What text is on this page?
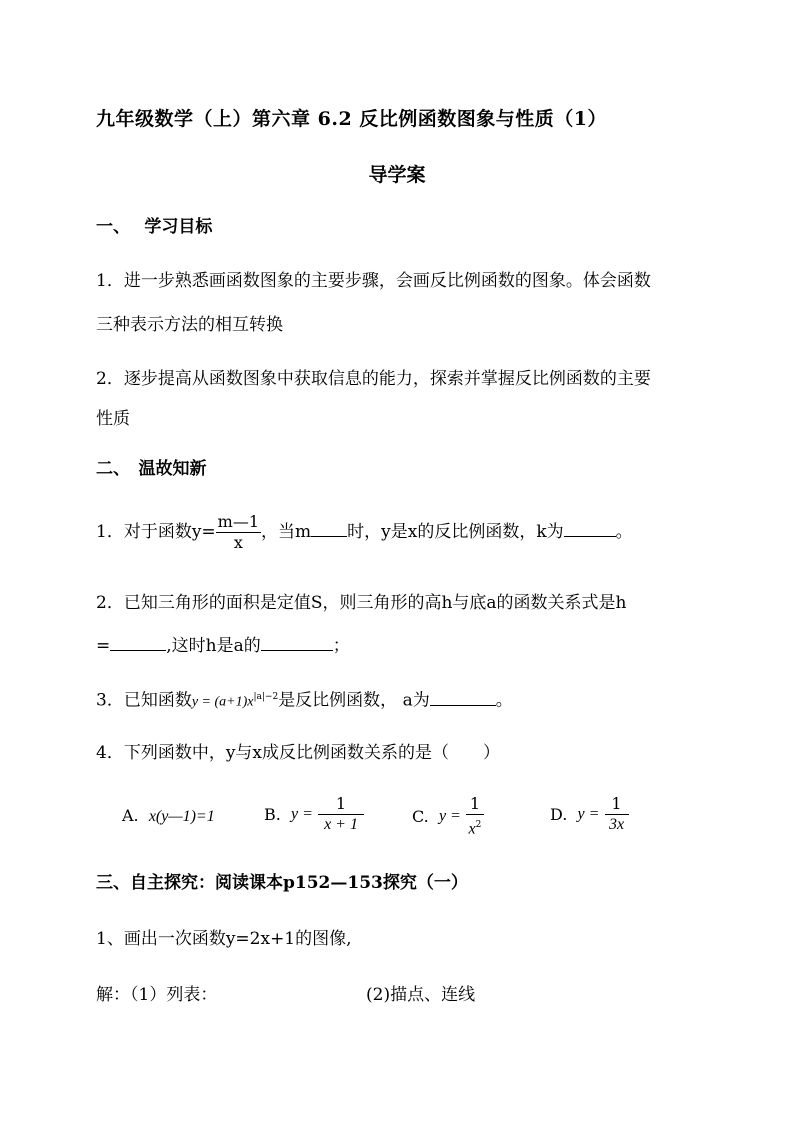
九年级数学（上）第六章 6.2 反比例函数图象与性质（1）
导学案
一、　 学习目标
1．进一步熟悉画函数图象的主要步骤，会画反比例函数的图象。体会函数
三种表示方法的相互转换
2．逐步提高从函数图象中获取信息的能力，探索并掌握反比例函数的主要
性质
二、　温故知新
1．对于函数$y= \frac{m—1}{x}$ ，当m 时，y是x的反比例函数，k为	。
2．已知三角形的面积是定值S，则三角形的高h与底a的函数关系式是h
=	,这时h是a的	；
3．已知函数$y = (a+1)x^{|a|-2}$是反比例函数， a为	。
4．下列函数中，y与x成反比例函数关系的是（　　）
A. x(y—1)=1	B. $y = \frac{1}{x + 1}$	C. $y = \frac{1}{x^2}$	D. $y = \frac{1}{3x}$
三、自主探究：阅读课本p152—153探究（一）
1、画出一次函数y=2x+1的图像,
解：（1）列表：	(2)描点、连线
